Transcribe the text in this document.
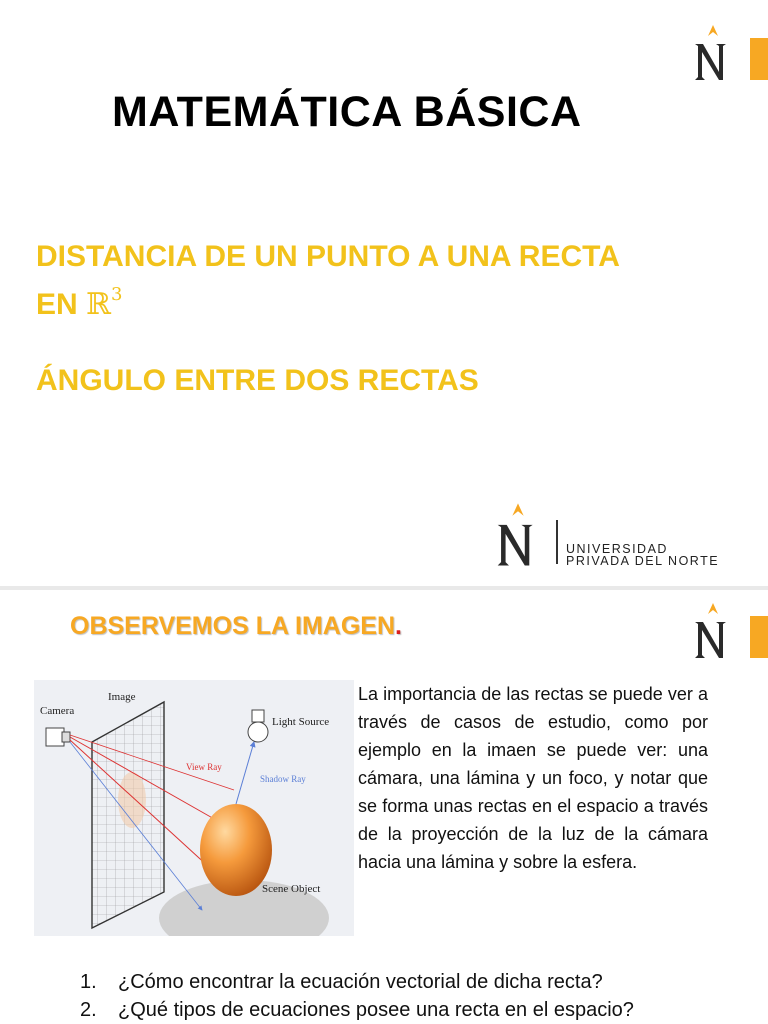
MATEMÁTICA BÁSICA
DISTANCIA DE UN PUNTO A UNA RECTA
EN ℝ$^3$
ÁNGULO ENTRE DOS RECTAS
UNIVERSIDAD
PRIVADA DEL NORTE
OBSERVEMOS LA IMAGEN.
Camera
Image
Light Source
View Ray
Shadow Ray
Scene Object

La importancia de las rectas se puede ver a través de casos de estudio, como por ejemplo en la imaen se puede ver: una cámara, una lámina y un foco, y notar que se forma unas rectas en el espacio a través de la proyección de la luz de la cámara hacia una lámina y sobre la esfera.

1. ¿Cómo encontrar la ecuación vectorial de dicha recta?
2. ¿Qué tipos de ecuaciones posee una recta en el espacio?
